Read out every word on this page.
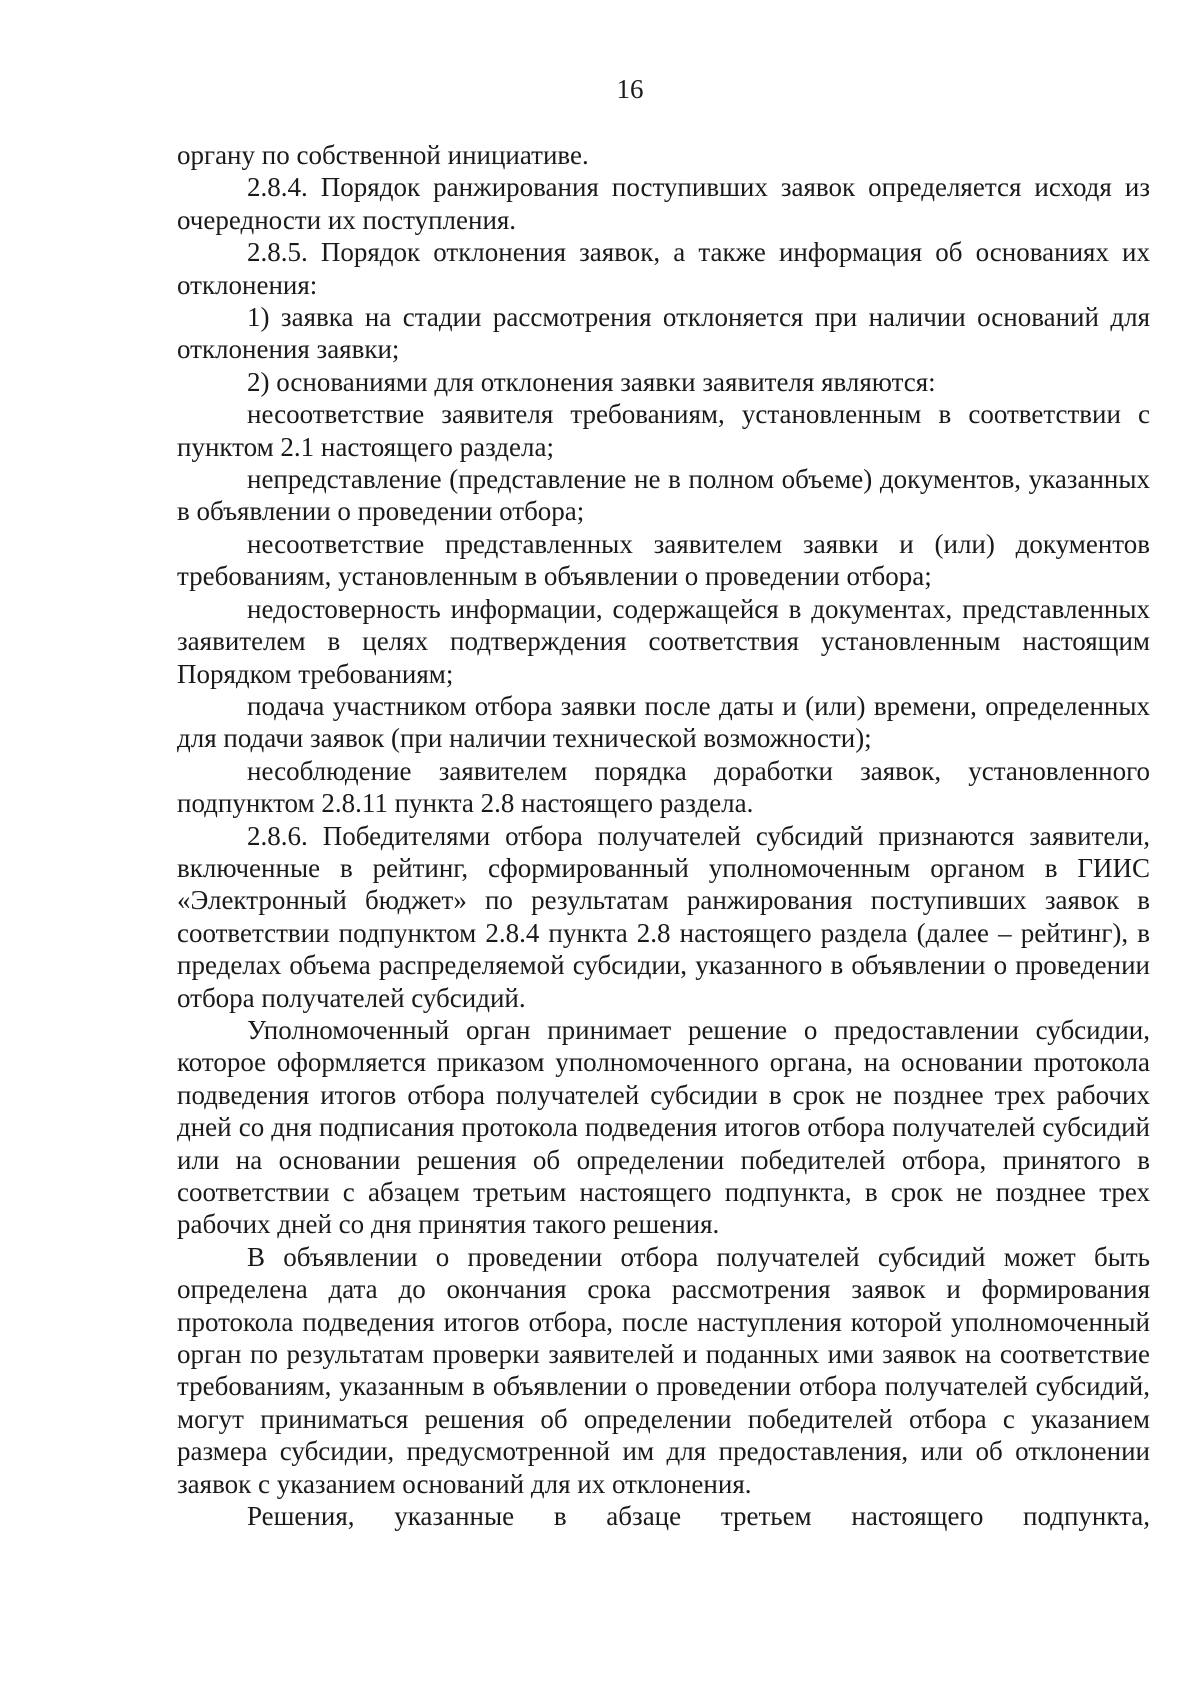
16

органу по собственной инициативе.

2.8.4. Порядок ранжирования поступивших заявок определяется исходя из очередности их поступления.

2.8.5. Порядок отклонения заявок, а также информация об основаниях их отклонения:

1) заявка на стадии рассмотрения отклоняется при наличии оснований для отклонения заявки;

2) основаниями для отклонения заявки заявителя являются:

несоответствие заявителя требованиям, установленным в соответствии с пунктом 2.1 настоящего раздела;

непредставление (представление не в полном объеме) документов, указанных в объявлении о проведении отбора;

несоответствие представленных заявителем заявки и (или) документов требованиям, установленным в объявлении о проведении отбора;

недостоверность информации, содержащейся в документах, представленных заявителем в целях подтверждения соответствия установленным настоящим Порядком требованиям;

подача участником отбора заявки после даты и (или) времени, определенных для подачи заявок (при наличии технической возможности);

несоблюдение заявителем порядка доработки заявок, установленного подпунктом 2.8.11 пункта 2.8 настоящего раздела.

2.8.6. Победителями отбора получателей субсидий признаются заявители, включенные в рейтинг, сформированный уполномоченным органом в ГИИС «Электронный бюджет» по результатам ранжирования поступивших заявок в соответствии подпунктом 2.8.4 пункта 2.8 настоящего раздела (далее – рейтинг), в пределах объема распределяемой субсидии, указанного в объявлении о проведении отбора получателей субсидий.

Уполномоченный орган принимает решение о предоставлении субсидии, которое оформляется приказом уполномоченного органа, на основании протокола подведения итогов отбора получателей субсидии в срок не позднее трех рабочих дней со дня подписания протокола подведения итогов отбора получателей субсидий или на основании решения об определении победителей отбора, принятого в соответствии с абзацем третьим настоящего подпункта, в срок не позднее трех рабочих дней со дня принятия такого решения.

В объявлении о проведении отбора получателей субсидий может быть определена дата до окончания срока рассмотрения заявок и формирования протокола подведения итогов отбора, после наступления которой уполномоченный орган по результатам проверки заявителей и поданных ими заявок на соответствие требованиям, указанным в объявлении о проведении отбора получателей субсидий, могут приниматься решения об определении победителей отбора с указанием размера субсидии, предусмотренной им для предоставления, или об отклонении заявок с указанием оснований для их отклонения.

Решения, указанные в абзаце третьем настоящего подпункта,
